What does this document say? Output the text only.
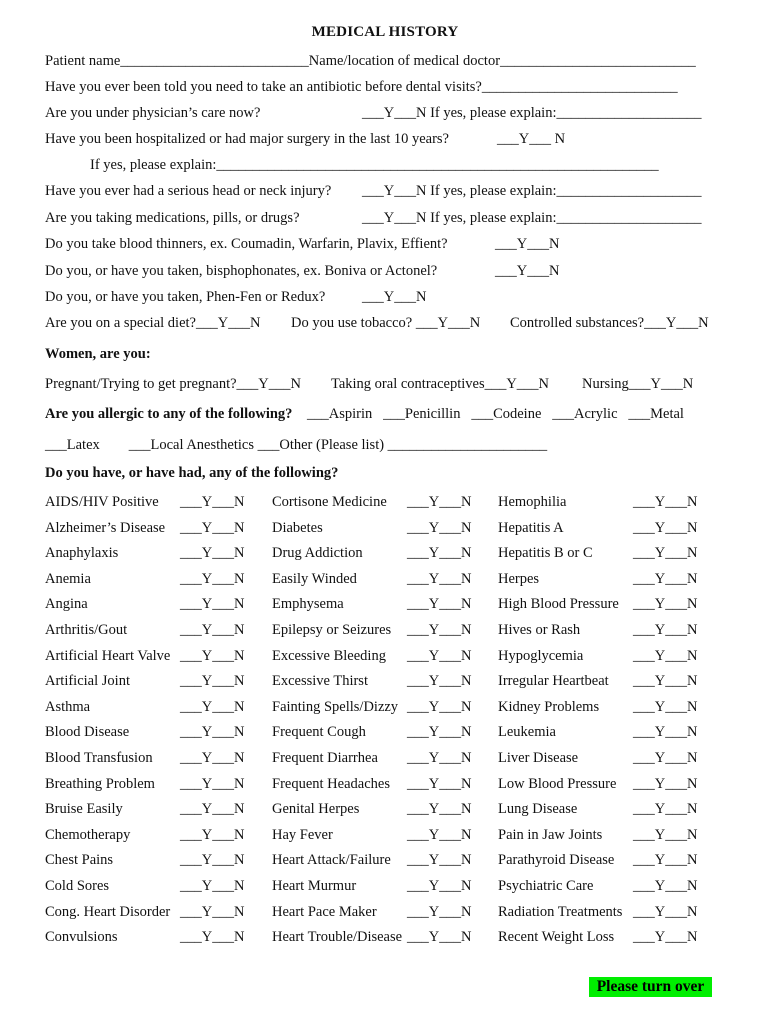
MEDICAL HISTORY
Patient name__________________________Name/location of medical doctor___________________________
Have you ever been told you need to take an antibiotic before dental visits?___________________________
Are you under physician’s care now?	___Y___N If yes, please explain:____________________
Have you been hospitalized or had major surgery in the last 10 years?	___Y___ N
If yes, please explain:_____________________________________________________________
Have you ever had a serious head or neck injury? ___Y___N If yes, please explain:____________________
Are you taking medications, pills, or drugs?	___Y___N If yes, please explain:____________________
Do you take blood thinners, ex. Coumadin, Warfarin, Plavix, Effient?	___Y___N
Do you, or have you taken, bisphophonates, ex. Boniva or Actonel?	___Y___N
Do you, or have you taken, Phen-Fen or Redux?	___Y___N
Are you on a special diet?___Y___N Do you use tobacco? ___Y___N Controlled substances?___Y___N
Women, are you:
Pregnant/Trying to get pregnant?___Y___N Taking oral contraceptives___Y___N Nursing___Y___N
Are you allergic to any of the following? ___Aspirin   ___Penicillin   ___Codeine   ___Acrylic   ___Metal
___Latex        ___Local Anesthetics ___Other (Please list) ______________________
Do you have, or have had, any of the following?
AIDS/HIV Positive ___Y___N Cortisone Medicine ___Y___N Hemophilia	___Y___N
Alzheimer’s Disease ___Y___N Diabetes	___Y___N Hepatitis A	___Y___N
Anaphylaxis	___Y___N Drug Addiction	___Y___N Hepatitis B or C	___Y___N
Anemia	___Y___N Easily Winded	___Y___N Herpes	___Y___N
Angina	___Y___N Emphysema	___Y___N High Blood Pressure ___Y___N
Arthritis/Gout	___Y___N Epilepsy or Seizures ___Y___N Hives or Rash	___Y___N
Artificial Heart Valve ___Y___N Excessive Bleeding ___Y___N Hypoglycemia	___Y___N
Artificial Joint	___Y___N Excessive Thirst	___Y___N Irregular Heartbeat ___Y___N
Asthma	___Y___N Fainting Spells/Dizzy ___Y___N Kidney Problems ___Y___N
Blood Disease	___Y___N Frequent Cough	___Y___N Leukemia	___Y___N
Blood Transfusion ___Y___N Frequent Diarrhea ___Y___N Liver Disease	___Y___N
Breathing Problem ___Y___N Frequent Headaches ___Y___N Low Blood Pressure ___Y___N
Bruise Easily	___Y___N Genital Herpes	___Y___N Lung Disease	___Y___N
Chemotherapy	___Y___N Hay Fever	___Y___N Pain in Jaw Joints ___Y___N
Chest Pains	___Y___N Heart Attack/Failure ___Y___N Parathyroid Disease ___Y___N
Cold Sores	___Y___N Heart Murmur	___Y___N Psychiatric Care	___Y___N
Cong. Heart Disorder ___Y___N Heart Pace Maker ___Y___N Radiation Treatments ___Y___N
Convulsions	___Y___N Heart Trouble/Disease ___Y___N Recent Weight Loss ___Y___N
Please turn over
